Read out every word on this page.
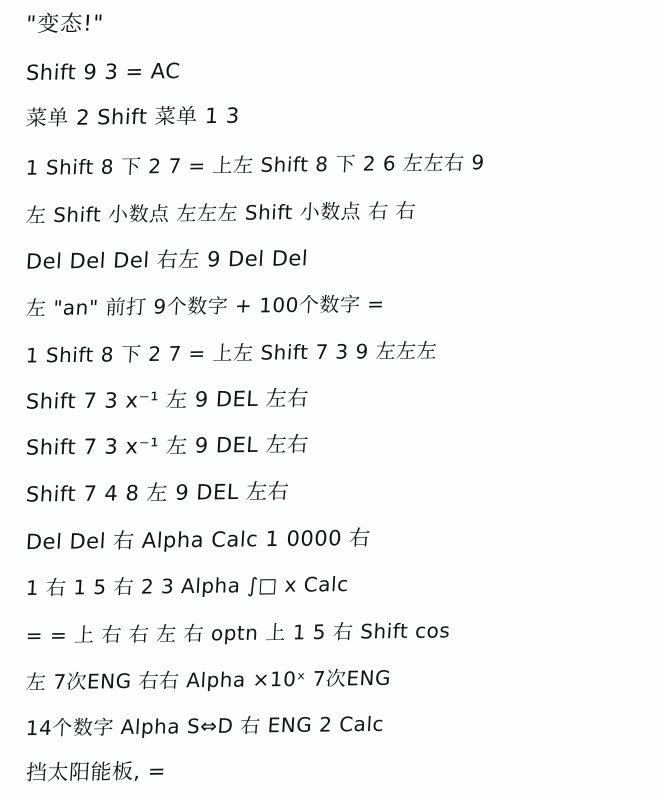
"变态!"
Shift 9 3 = AC
菜单 2 Shift 菜单 1 3
1 Shift 8 下 2 7 = 上左 Shift 8 下 2 6 左左右 9
左 Shift 小数点 左左左 Shift 小数点 右 右
Del Del Del 右左 9 Del Del
左 "an" 前打 9个数字 + 100个数字 =
1 Shift 8 下 2 7 = 上左 Shift 7 3 9 左左左
Shift 7 3 x⁻¹ 左 9 DEL 左右
Shift 7 3 x⁻¹ 左 9 DEL 左右
Shift 7 4 8 左 9 DEL 左右
Del Del 右 Alpha Calc 1 0000 右
1 右 1 5 右 2 3 Alpha ∫□ x Calc
= = 上 右 右 左 右 optn 上 1 5 右 Shift cos
左 7次ENG 右右 Alpha ×10ˣ 7次ENG
14个数字 Alpha S⇔D 右 ENG 2 Calc
挡太阳能板, =
